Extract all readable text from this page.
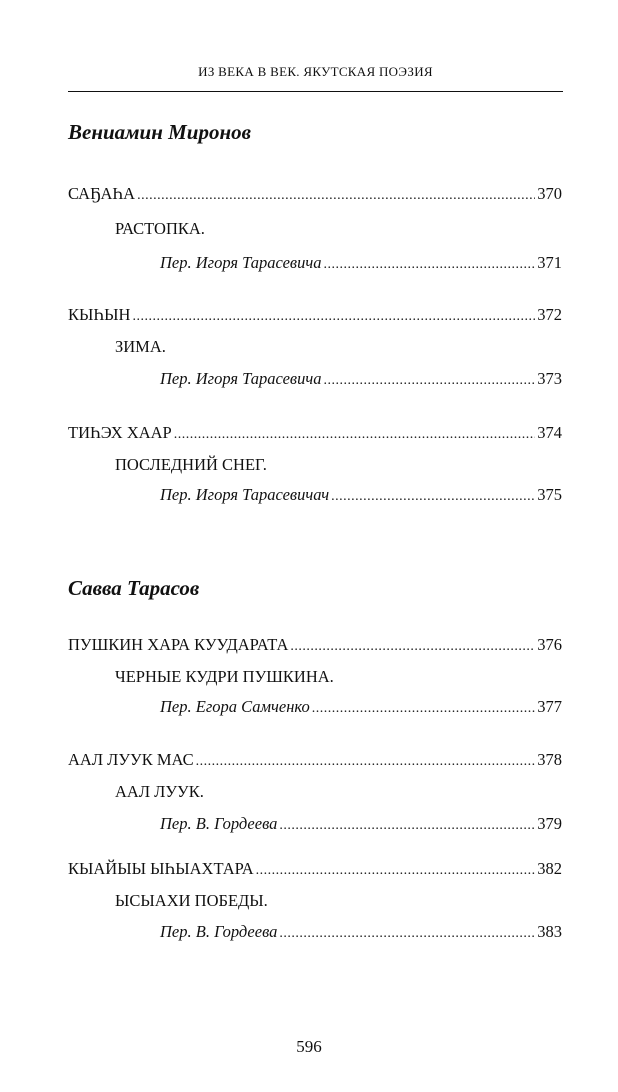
ИЗ ВЕКА В ВЕК. ЯКУТСКАЯ ПОЭЗИЯ
Вениамин Миронов
САҔАҺА .....	370
РАСТОПКА.
Пер. Игоря Тарасевича .....	371
КЫҺЫН .....	372
ЗИМА.
Пер. Игоря Тарасевича .....	373
ТИҺЭХ ХААР .....	374
ПОСЛЕДНИЙ СНЕГ.
Пер. Игоря Тарасевичач .....	375
Савва Тарасов
ПУШКИН ХАРА КУУДАРАТА .....	376
ЧЕРНЫЕ КУДРИ ПУШКИНА.
Пер. Егора Самченко .....	377
ААЛ ЛУУК МАС .....	378
ААЛ ЛУУК.
Пер. В. Гордеева .....	379
КЫАЙЫЫ ЫҺЫАХТАРА .....	382
ЫСЫАХИ ПОБЕДЫ.
Пер. В. Гордеева .....	383
596
